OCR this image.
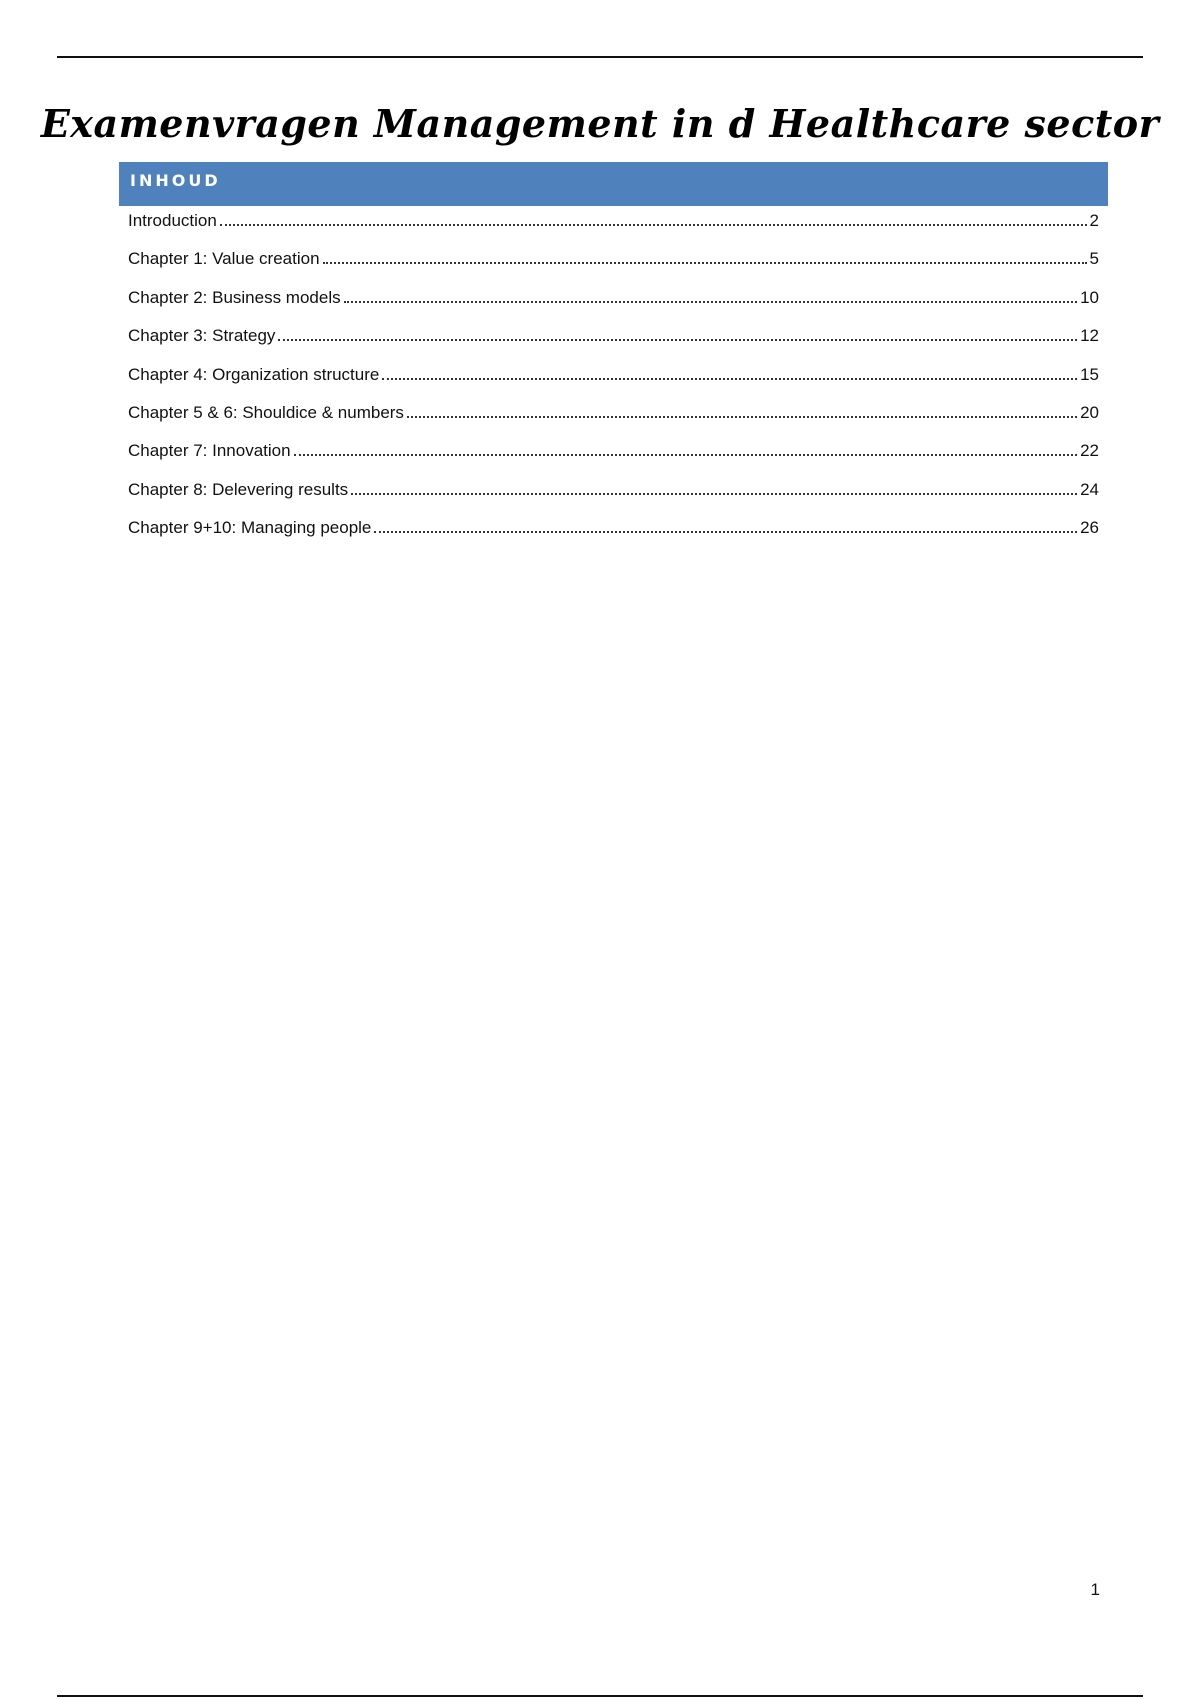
Examenvragen Management in d Healthcare sector
INHOUD
Introduction	2
Chapter 1: Value creation	5
Chapter 2: Business models	10
Chapter 3: Strategy	12
Chapter 4: Organization structure	15
Chapter 5 & 6: Shouldice & numbers	20
Chapter 7: Innovation	22
Chapter 8: Delevering results	24
Chapter 9+10: Managing people	26
1
